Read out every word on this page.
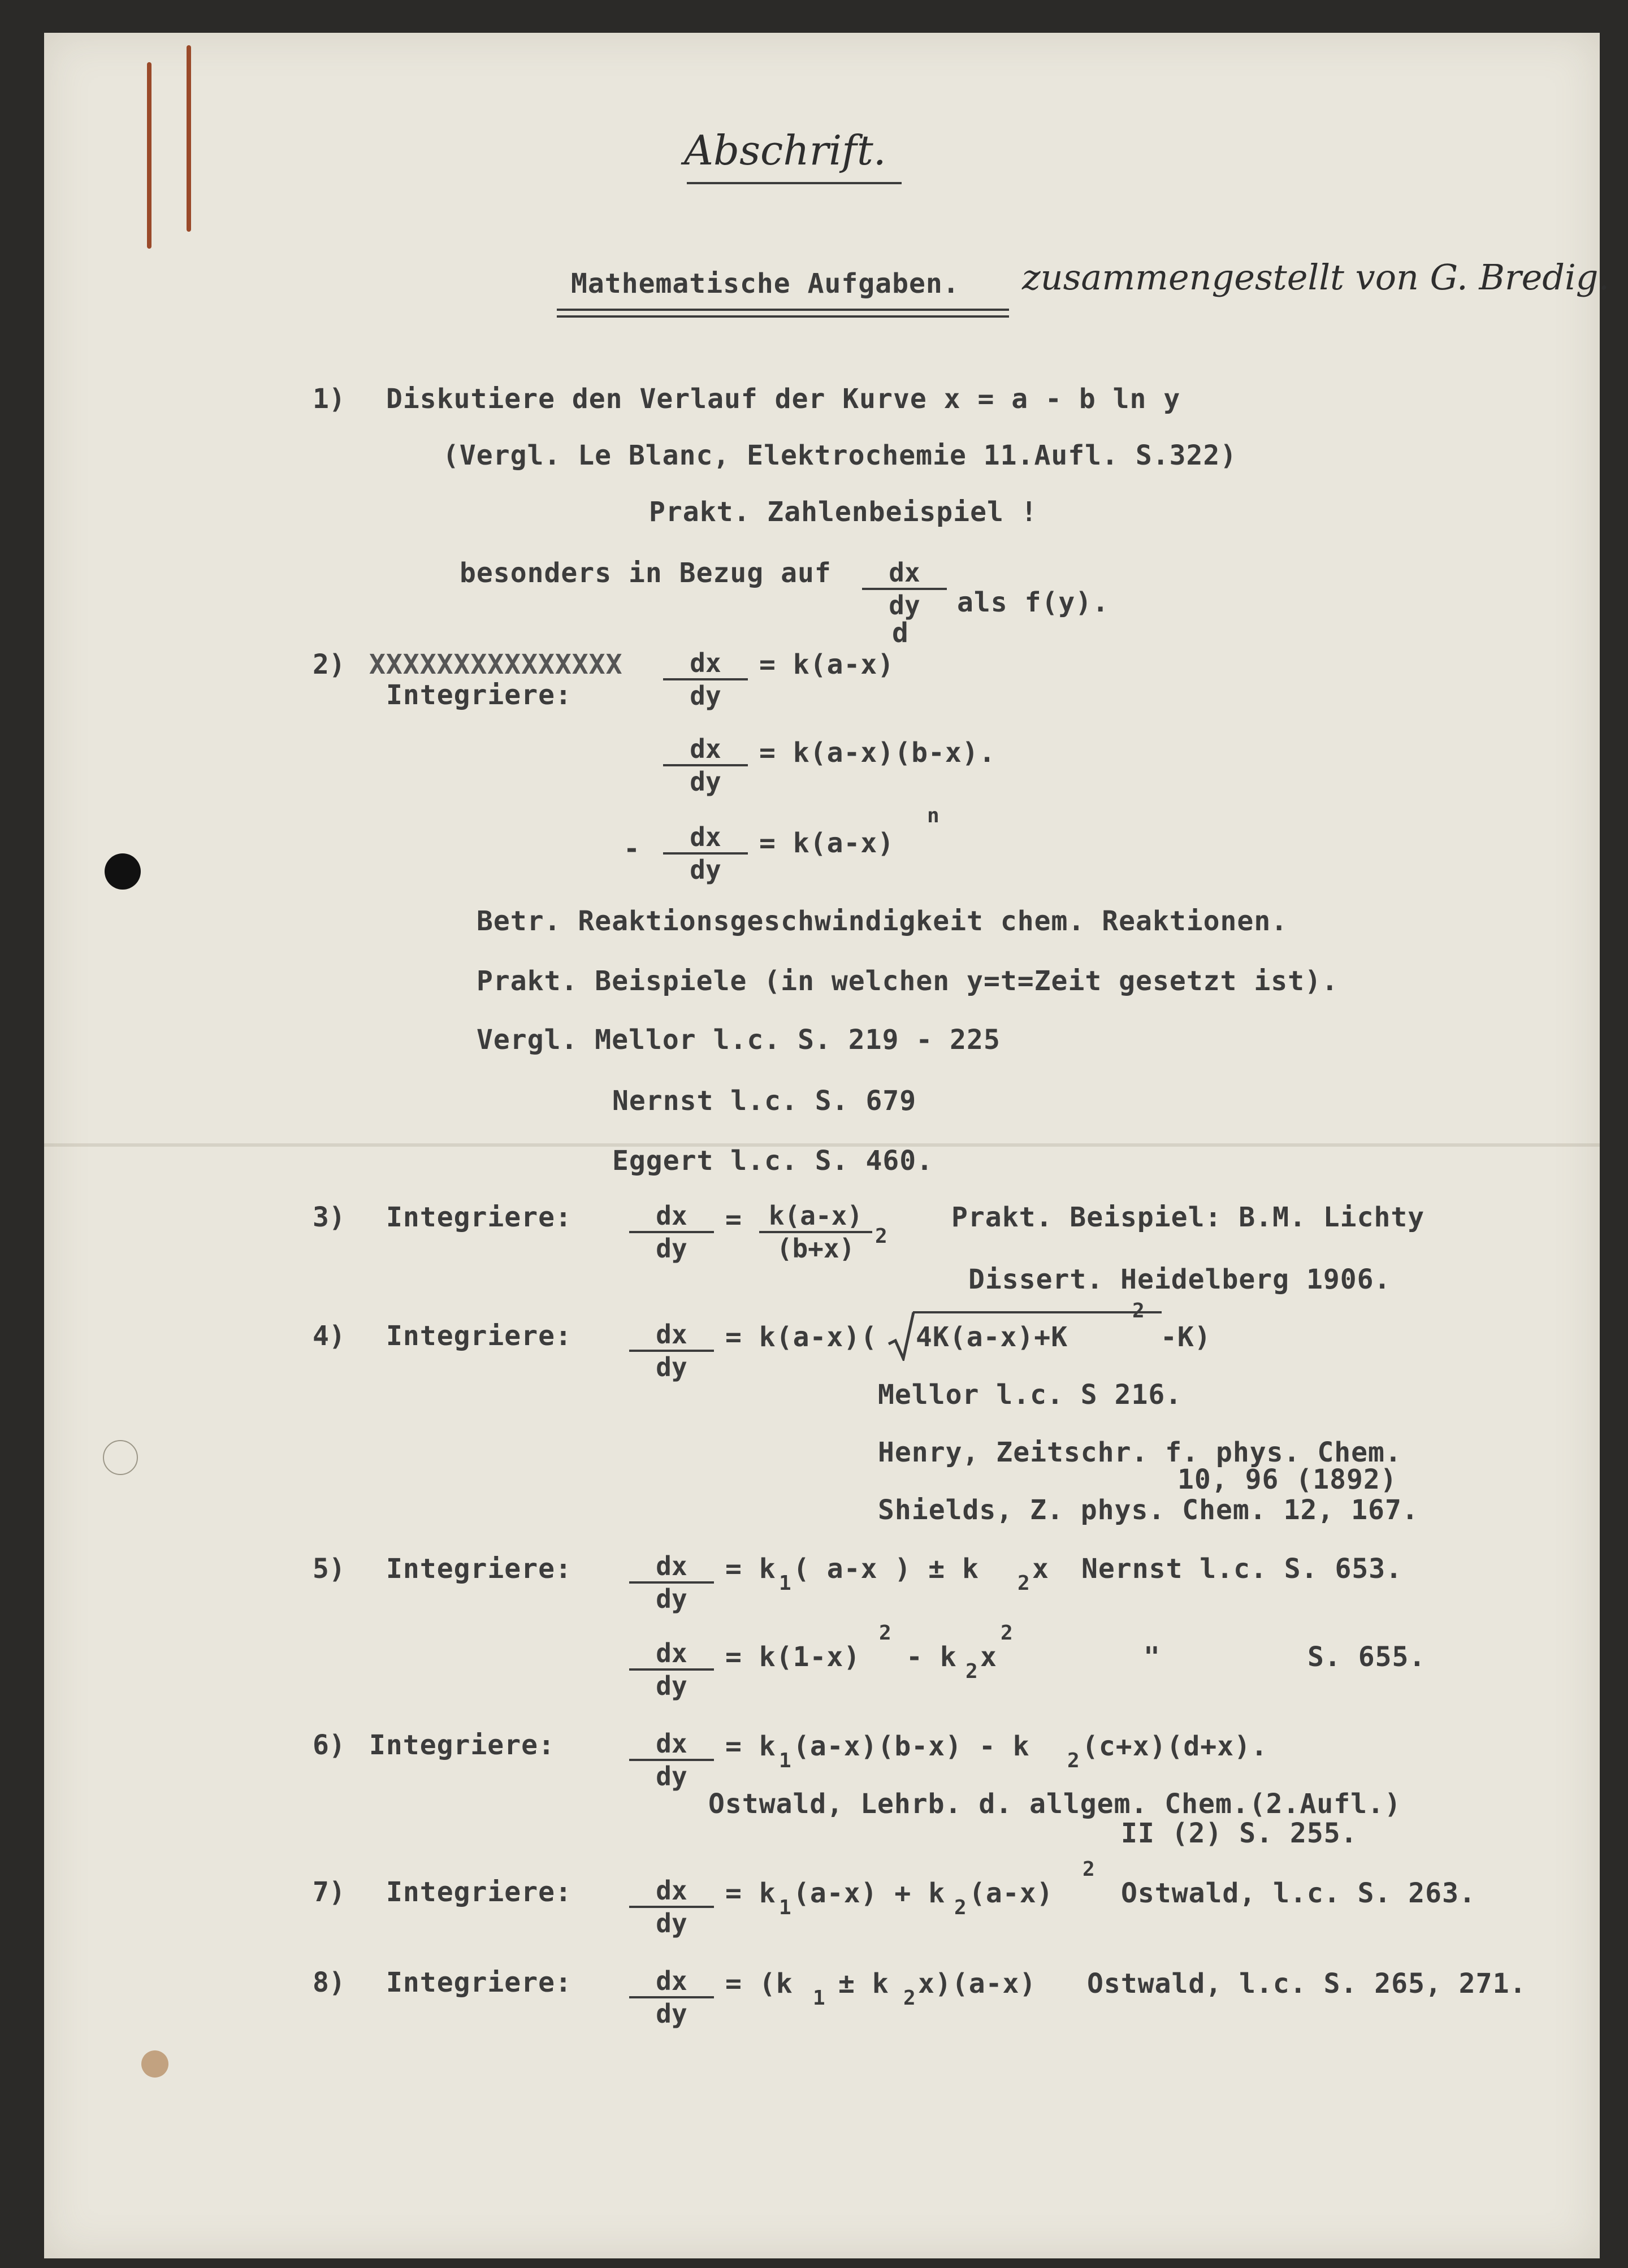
Abschrift.
Mathematische Aufgaben. zusammengestellt von G. Bredig.
1) Diskutiere den Verlauf der Kurve x = a - b ln y
(Vergl. Le Blanc, Elektrochemie 11.Aufl. S.322)
Prakt. Zahlenbeispiel !
besonders in Bezug auf $\frac{dx}{dy}$
d
als f(y).
2) XXXXXXXXXXXXXXX
Integriere:	$\frac{dx}{dy} = k(a-x)$
$\frac{dx}{dy} = k(a-x)(b-x)$.
- $\frac{dx}{dy} = k(a-x)$
n
Betr. Reaktionsgeschwindigkeit chem. Reaktionen.
Prakt. Beispiele (in welchen y=t=Zeit gesetzt ist).
Vergl. Mellor l.c. S. 219 - 225
Nernst l.c. S. 679
Eggert l.c. S. 460.
3) Integriere: $\frac{dx}{dy} = \frac{k(a-x)}{(b+x)} 2$
Prakt. Beispiel: B.M. Lichty
Dissert. Heidelberg 1906.
4) Integriere: $\frac{dx}{dy} = k(a-x)$( 4K(a-x)+K
2
-K)
Mellor l.c. S 216.
Henry, Zeitschr. f. phys. Chem.
10, 96 (1892)
Shields, Z. phys. Chem. 12, 167.
5) Integriere: $\frac{dx}{dy} = k$ 1 ( a-x ) ± k 2 x Nernst l.c. S. 653.
$\frac{dx}{dy} = k(1-x)$
2
- k 2 x
2
"	S. 655.
6) Integriere:	$\frac{dx}{dy} = k$ 1 (a-x)(b-x) - k 2 (c+x)(d+x).
Ostwald, Lehrb. d. allgem. Chem.(2.Aufl.)
II (2) S. 255.
7) Integriere: $\frac{dx}{dy} = k$ 1 (a-x) + k 2 (a-x)
2
Ostwald, l.c. S. 263.
8) Integriere: $\frac{dx}{dy} = (k$ 1 ± k 2 x)(a-x) Ostwald, l.c. S. 265, 271.
